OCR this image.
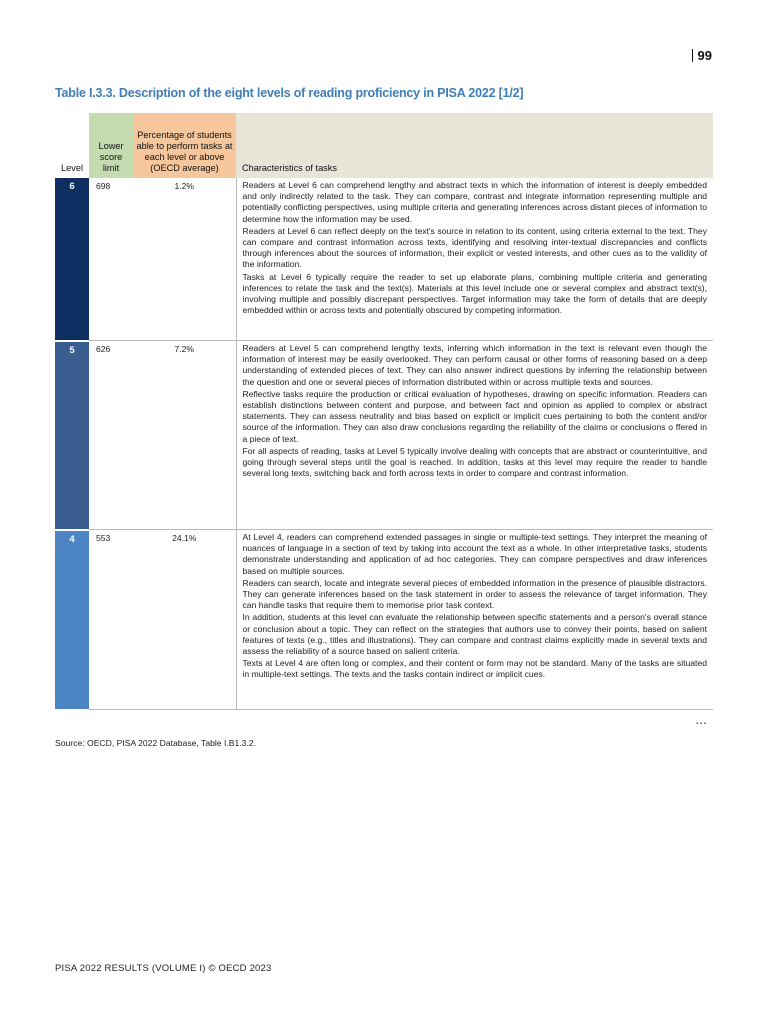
99
Table I.3.3. Description of the eight levels of reading proficiency in PISA 2022 [1/2]
Level	Lower score limit	Percentage of students able to perform tasks at each level or above (OECD average)	Characteristics of tasks
6	698	1.2%	Readers at Level 6 can comprehend lengthy and abstract texts in which the information of interest is deeply embedded and only indirectly related to the task. They can compare, contrast and integrate information representing multiple and potentially conflicting perspectives, using multiple criteria and generating inferences across distant pieces of information to determine how the information may be used.

Readers at Level 6 can reflect deeply on the text's source in relation to its content, using criteria external to the text. They can compare and contrast information across texts, identifying and resolving inter-textual discrepancies and conflicts through inferences about the sources of information, their explicit or vested interests, and other cues as to the validity of the information.

Tasks at Level 6 typically require the reader to set up elaborate plans, combining multiple criteria and generating inferences to relate the task and the text(s). Materials at this level include one or several complex and abstract text(s), involving multiple and possibly discrepant perspectives. Target information may take the form of details that are deeply embedded within or across texts and potentially obscured by competing information.

5	626	7.2%	Readers at Level 5 can comprehend lengthy texts, inferring which information in the text is relevant even though the information of interest may be easily overlooked. They can perform causal or other forms of reasoning based on a deep understanding of extended pieces of text. They can also answer indirect questions by inferring the relationship between the question and one or several pieces of information distributed within or across multiple texts and sources.

Reflective tasks require the production or critical evaluation of hypotheses, drawing on specific information. Readers can establish distinctions between content and purpose, and between fact and opinion as applied to complex or abstract statements. They can assess neutrality and bias based on explicit or implicit cues pertaining to both the content and/or source of the information. They can also draw conclusions regarding the reliability of the claims or conclusions o ffered in a piece of text.

For all aspects of reading, tasks at Level 5 typically involve dealing with concepts that are abstract or counterintuitive, and going through several steps until the goal is reached. In addition, tasks at this level may require the reader to handle several long texts, switching back and forth across texts in order to compare and contrast information.

4	553	24.1%	At Level 4, readers can comprehend extended passages in single or multiple-text settings. They interpret the meaning of nuances of language in a section of text by taking into account the text as a whole. In other interpretative tasks, students demonstrate understanding and application of ad hoc categories. They can compare perspectives and draw inferences based on multiple sources.

Readers can search, locate and integrate several pieces of embedded information in the presence of plausible distractors. They can generate inferences based on the task statement in order to assess the relevance of target information. They can handle tasks that require them to memorise prior task context.

In addition, students at this level can evaluate the relationship between specific statements and a person's overall stance or conclusion about a topic. They can reflect on the strategies that authors use to convey their points, based on salient features of texts (e.g., titles and illustrations). They can compare and contrast claims explicitly made in several texts and assess the reliability of a source based on salient criteria.

Texts at Level 4 are often long or complex, and their content or form may not be standard. Many of the tasks are situated in multiple-text settings. The texts and the tasks contain indirect or implicit cues.

...
Source: OECD, PISA 2022 Database, Table I.B1.3.2.
PISA 2022 RESULTS (VOLUME I) © OECD 2023
